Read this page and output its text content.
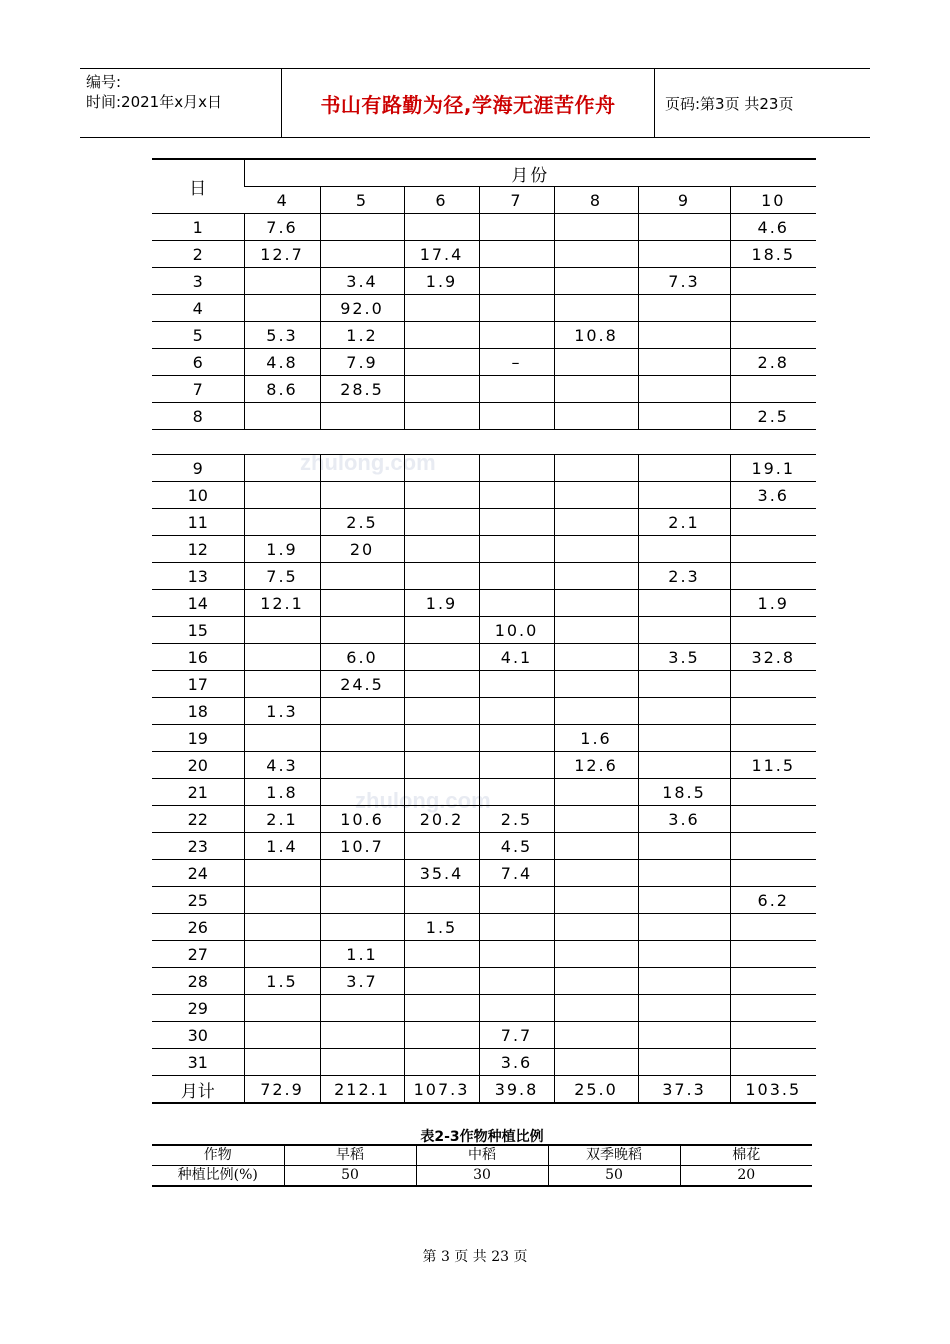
编号:
时间:2021年x月x日	书山有路勤为径,学海无涯苦作舟	页码:第3页 共23页
zhulong.com
zhulong.com
日	月份						
	4	5	6	7	8	9	10
1	7.6						4.6
2	12.7		17.4				18.5
3		3.4	1.9			7.3	
4		92.0					
5	5.3	1.2			10.8		
6	4.8	7.9		–			2.8
7	8.6	28.5					
8							2.5

9							19.1
10							3.6
11		2.5				2.1	
12	1.9	20					
13	7.5					2.3	
14	12.1		1.9				1.9
15				10.0			
16		6.0		4.1		3.5	32.8
17		24.5					
18	1.3						
19					1.6		
20	4.3				12.6		11.5
21	1.8					18.5	
22	2.1	10.6	20.2	2.5		3.6	
23	1.4	10.7		4.5			
24			35.4	7.4			
25							6.2
26			1.5				
27		1.1					
28	1.5	3.7					
29							
30				7.7			
31				3.6			
月计	72.9	212.1	107.3	39.8	25.0	37.3	103.5
表2-3作物种植比例
作物	早稻	中稻	双季晚稻	棉花
种植比例(%)	50	30	50	20
第 3 页 共 23 页
